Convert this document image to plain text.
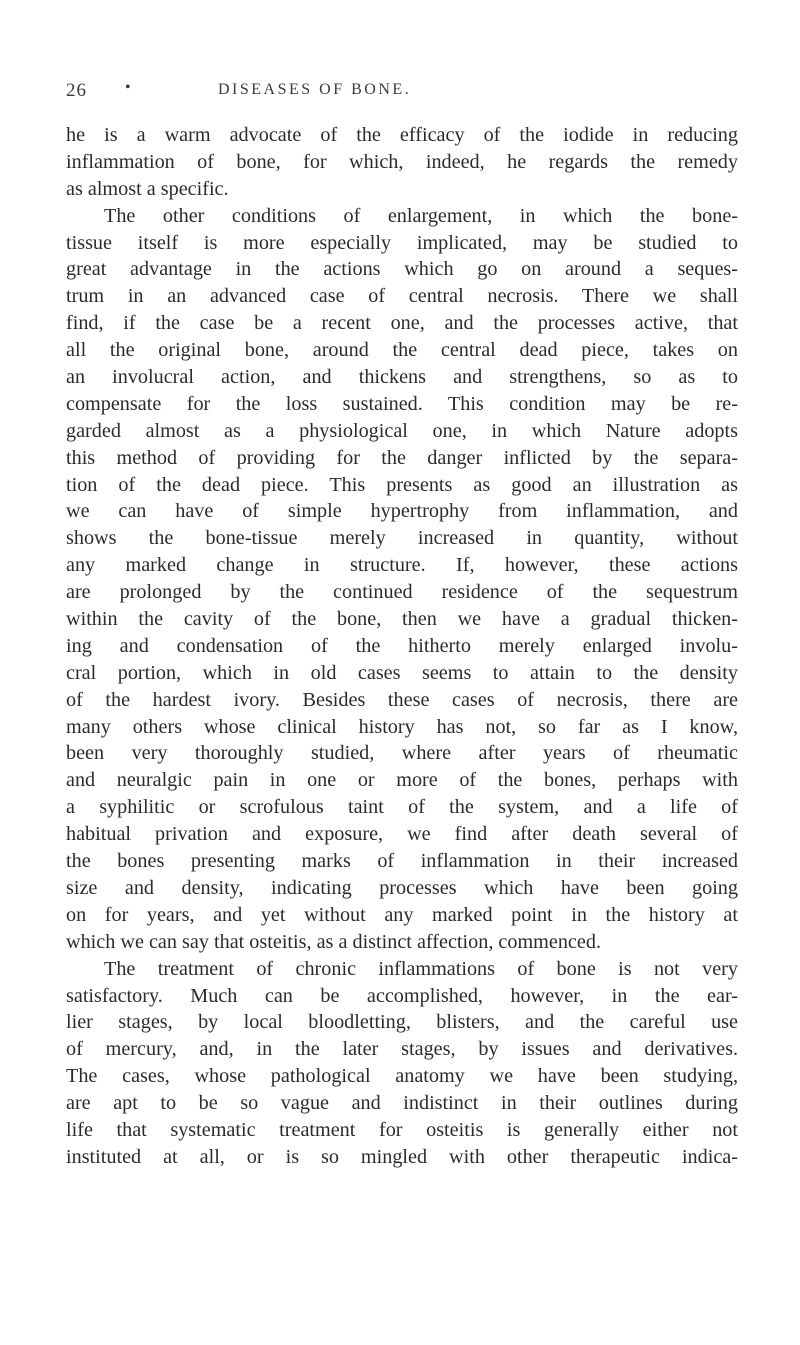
26 •	DISEASES OF BONE.
he is a warm advocate of the efficacy of the iodide in reducing
inflammation of bone, for which, indeed, he regards the remedy
as almost a specific.
The other conditions of enlargement, in which the bone-
tissue itself is more especially implicated, may be studied to
great advantage in the actions which go on around a seques-
trum in an advanced case of central necrosis. There we shall
find, if the case be a recent one, and the processes active, that
all the original bone, around the central dead piece, takes on
an involucral action, and thickens and strengthens, so as to
compensate for the loss sustained. This condition may be re-
garded almost as a physiological one, in which Nature adopts
this method of providing for the danger inflicted by the separa-
tion of the dead piece. This presents as good an illustration as
we can have of simple hypertrophy from inflammation, and
shows the bone-tissue merely increased in quantity, without
any marked change in structure. If, however, these actions
are prolonged by the continued residence of the sequestrum
within the cavity of the bone, then we have a gradual thicken-
ing and condensation of the hitherto merely enlarged involu-
cral portion, which in old cases seems to attain to the density
of the hardest ivory. Besides these cases of necrosis, there are
many others whose clinical history has not, so far as I know,
been very thoroughly studied, where after years of rheumatic
and neuralgic pain in one or more of the bones, perhaps with
a syphilitic or scrofulous taint of the system, and a life of
habitual privation and exposure, we find after death several of
the bones presenting marks of inflammation in their increased
size and density, indicating processes which have been going
on for years, and yet without any marked point in the history at
which we can say that osteitis, as a distinct affection, commenced.
The treatment of chronic inflammations of bone is not very
satisfactory. Much can be accomplished, however, in the ear-
lier stages, by local bloodletting, blisters, and the careful use
of mercury, and, in the later stages, by issues and derivatives.
The cases, whose pathological anatomy we have been studying,
are apt to be so vague and indistinct in their outlines during
life that systematic treatment for osteitis is generally either not
instituted at all, or is so mingled with other therapeutic indica-
